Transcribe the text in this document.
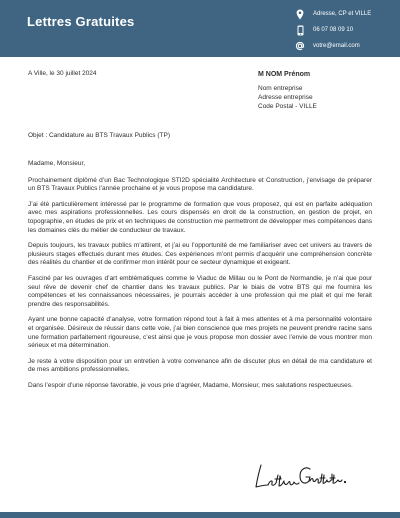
Lettres Gratuites	Adresse, CP et VILLE
06 07 08 09 10
votre@email.com
A Ville, le 30 juillet 2024	M NOM Prénom
Nom entreprise
Adresse entreprise
Code Postal - VILLE
Objet : Candidature au BTS Travaux Publics (TP)

Madame, Monsieur,

Prochainement diplômé d’un Bac Technologique STI2D spécialité Architecture et Construction, j’envisage de préparer un BTS Travaux Publics l’année prochaine et je vous propose ma candidature.

J’ai été particulièrement intéressé par le programme de formation que vous proposez, qui est en parfaite adéquation avec mes aspirations professionnelles. Les cours dispensés en droit de la construction, en gestion de projet, en topographie, en études de prix et en techniques de construction me permettront de développer mes compétences dans les domaines clés du métier de conducteur de travaux.

Depuis toujours, les travaux publics m’attirent, et j’ai eu l’opportunité de me familiariser avec cet univers au travers de plusieurs stages effectués durant mes études. Ces expériences m’ont permis d’acquérir une compréhension concrète des réalités du chantier et de confirmer mon intérêt pour ce secteur dynamique et exigeant.

Fasciné par les ouvrages d’art emblématiques comme le Viaduc de Millau ou le Pont de Normandie, je n’ai que pour seul rêve de devenir chef de chantier dans les travaux publics. Par le biais de votre BTS qui me fournira les compétences et les connaissances nécessaires, je pourrais accéder à une profession qui me plait et qui me ferait prendre des responsabilités.

Ayant une bonne capacité d’analyse, votre formation répond tout à fait à mes attentes et à ma personnalité volontaire et organisée. Désireux de réussir dans cette voie, j’ai bien conscience que mes projets ne peuvent prendre racine sans une formation parfaitement rigoureuse, c’est ainsi que je vous propose mon dossier avec l’envie de vous montrer mon sérieux et ma détermination.

Je reste à votre disposition pour un entretien à votre convenance afin de discuter plus en détail de ma candidature et de mes ambitions professionnelles.

Dans l’espoir d’une réponse favorable, je vous prie d’agréer, Madame, Monsieur, mes salutations respectueuses.
